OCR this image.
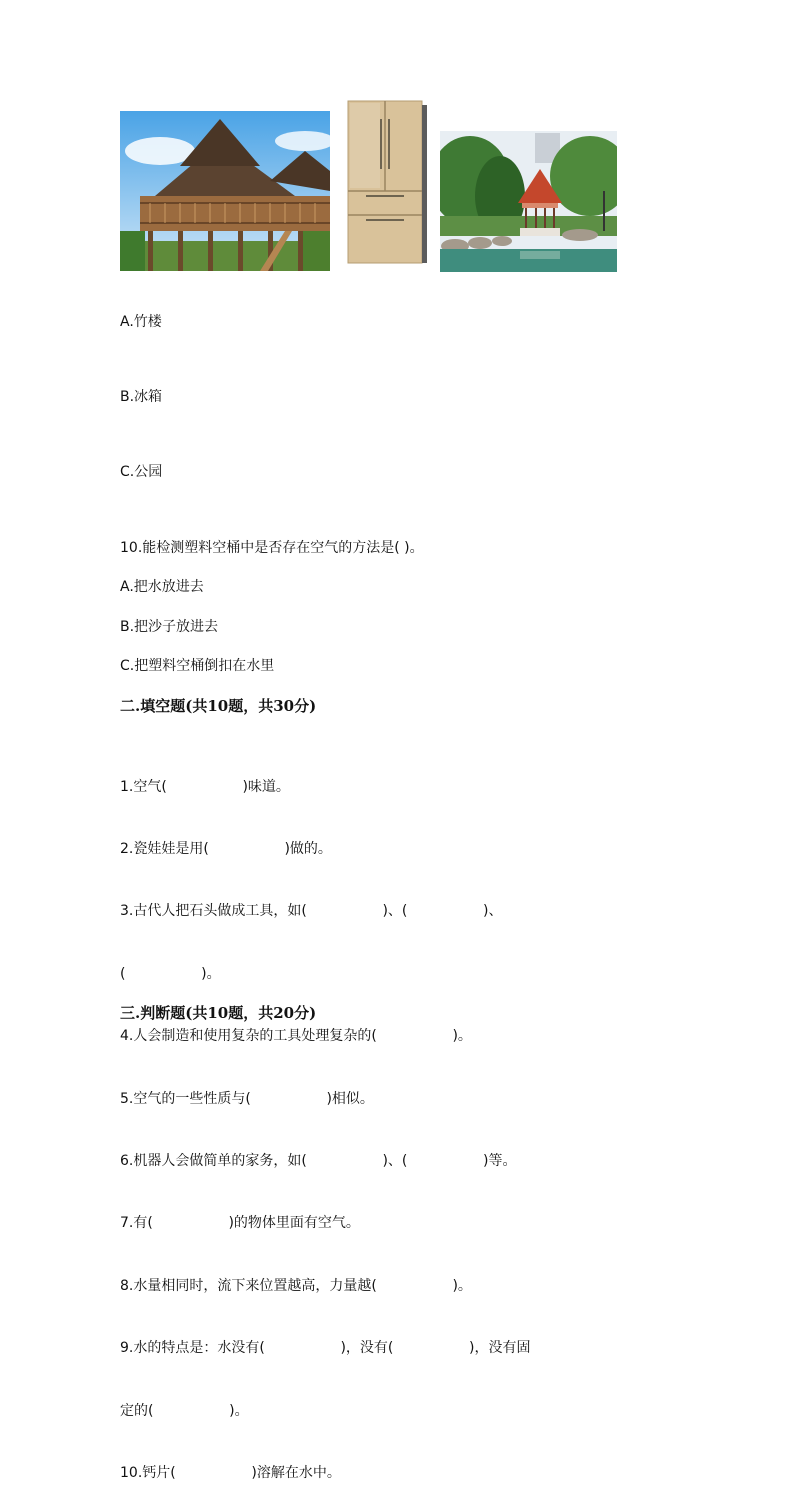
A.竹楼
B.冰箱
C.公园
10.能检测塑料空桶中是否存在空气的方法是( )。
A.把水放进去
B.把沙子放进去
C.把塑料空桶倒扣在水里
二.填空题(共10题，共30分)

1.空气(                 )味道。

2.瓷娃娃是用(                 )做的。

3.古代人把石头做成工具，如(                 )、(                 )、

(                 )。

4.人会制造和使用复杂的工具处理复杂的(                 )。

5.空气的一些性质与(                 )相似。

6.机器人会做简单的家务，如(                 )、(                 )等。

7.有(                 )的物体里面有空气。

8.水量相同时，流下来位置越高，力量越(                 )。

9.水的特点是：水没有(                 )，没有(                 )，没有固

定的(                 )。

10.钙片(                 )溶解在水中。

三.判断题(共10题，共20分)
